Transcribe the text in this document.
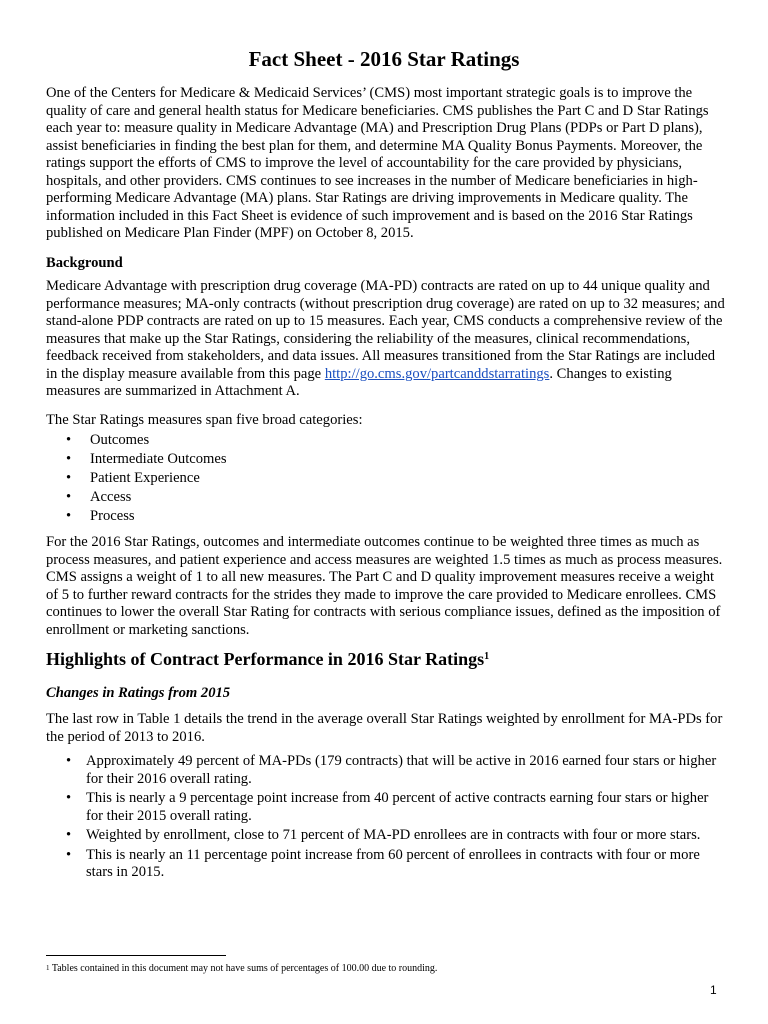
Fact Sheet - 2016 Star Ratings
One of the Centers for Medicare & Medicaid Services’ (CMS) most important strategic goals is to improve the quality of care and general health status for Medicare beneficiaries. CMS publishes the Part C and D Star Ratings each year to: measure quality in Medicare Advantage (MA) and Prescription Drug Plans (PDPs or Part D plans), assist beneficiaries in finding the best plan for them, and determine MA Quality Bonus Payments. Moreover, the ratings support the efforts of CMS to improve the level of accountability for the care provided by physicians, hospitals, and other providers. CMS continues to see increases in the number of Medicare beneficiaries in high-performing Medicare Advantage (MA) plans. Star Ratings are driving improvements in Medicare quality. The information included in this Fact Sheet is evidence of such improvement and is based on the 2016 Star Ratings published on Medicare Plan Finder (MPF) on October 8, 2015.
Background
Medicare Advantage with prescription drug coverage (MA-PD) contracts are rated on up to 44 unique quality and performance measures; MA-only contracts (without prescription drug coverage) are rated on up to 32 measures; and stand-alone PDP contracts are rated on up to 15 measures. Each year, CMS conducts a comprehensive review of the measures that make up the Star Ratings, considering the reliability of the measures, clinical recommendations, feedback received from stakeholders, and data issues. All measures transitioned from the Star Ratings are included in the display measure available from this page http://go.cms.gov/partcanddstarratings. Changes to existing measures are summarized in Attachment A.
The Star Ratings measures span five broad categories:
• Outcomes
• Intermediate Outcomes
• Patient Experience
• Access
• Process
For the 2016 Star Ratings, outcomes and intermediate outcomes continue to be weighted three times as much as process measures, and patient experience and access measures are weighted 1.5 times as much as process measures. CMS assigns a weight of 1 to all new measures. The Part C and D quality improvement measures receive a weight of 5 to further reward contracts for the strides they made to improve the care provided to Medicare enrollees. CMS continues to lower the overall Star Rating for contracts with serious compliance issues, defined as the imposition of enrollment or marketing sanctions.
Highlights of Contract Performance in 2016 Star Ratings$^1$
Changes in Ratings from 2015
The last row in Table 1 details the trend in the average overall Star Ratings weighted by enrollment for MA-PDs for the period of 2013 to 2016.
• Approximately 49 percent of MA-PDs (179 contracts) that will be active in 2016 earned four stars or higher for their 2016 overall rating.
• This is nearly a 9 percentage point increase from 40 percent of active contracts earning four stars or higher for their 2015 overall rating.
• Weighted by enrollment, close to 71 percent of MA-PD enrollees are in contracts with four or more stars.
• This is nearly an 11 percentage point increase from 60 percent of enrollees in contracts with four or more stars in 2015.
$^1$ Tables contained in this document may not have sums of percentages of 100.00 due to rounding.
1
